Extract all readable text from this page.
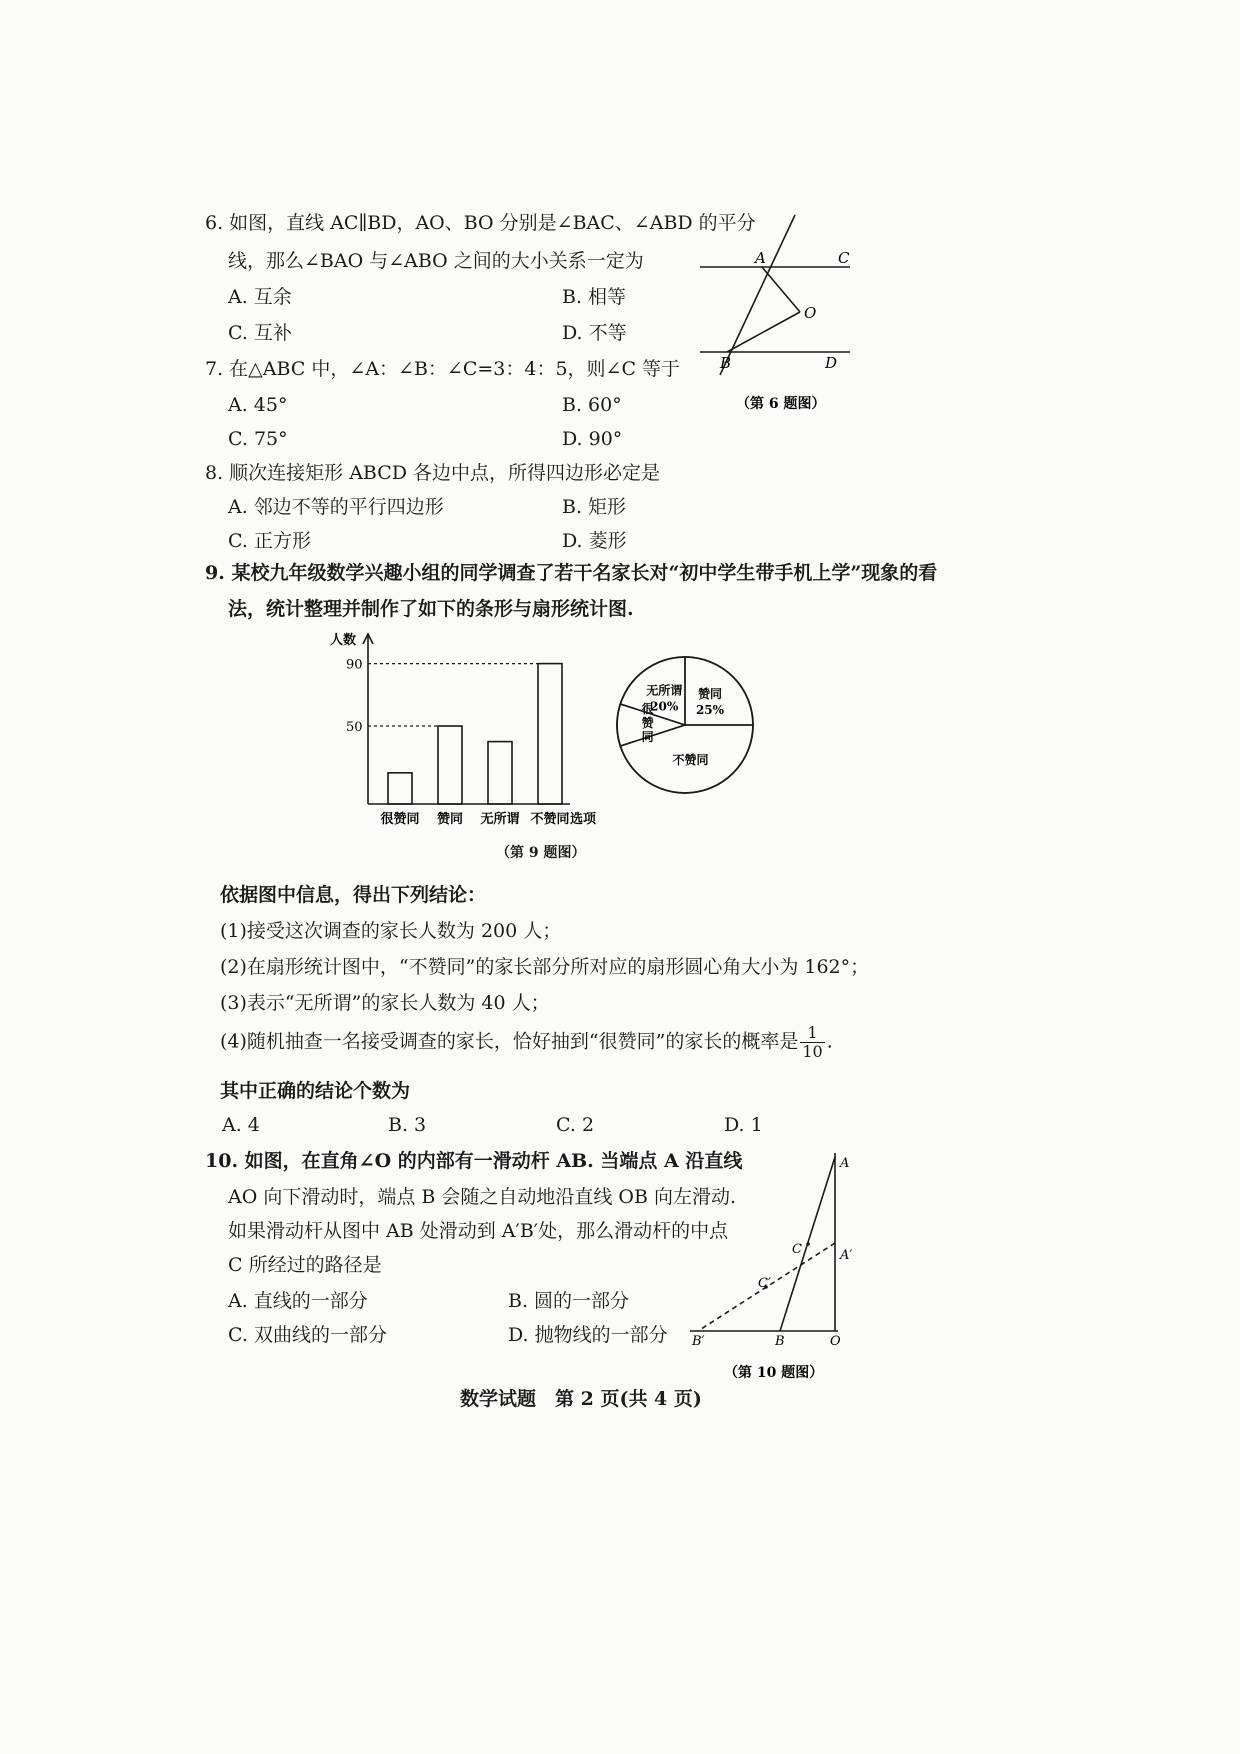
6. 如图，直线 AC∥BD，AO、BO 分别是∠BAC、∠ABD 的平分
线，那么∠BAO 与∠ABO 之间的大小关系一定为
A. 互余	B. 相等
C. 互补	D. 不等
A	C
O
B	D
（第 6 题图）
7. 在△ABC 中，∠A：∠B：∠C=3：4：5，则∠C 等于
A. 45°	B. 60°
C. 75°	D. 90°
8. 顺次连接矩形 ABCD 各边中点，所得四边形必定是
A. 邻边不等的平行四边形	B. 矩形
C. 正方形	D. 菱形
9. 某校九年级数学兴趣小组的同学调查了若干名家长对“初中学生带手机上学”现象的看
法，统计整理并制作了如下的条形与扇形统计图.
人数
选项
50
90
很赞同 赞同 无所谓 不赞同
赞同
25%
不赞同
很
赞
同
无所谓
20%
（第 9 题图）
依据图中信息，得出下列结论：
(1)接受这次调查的家长人数为 200 人；
(2)在扇形统计图中，“不赞同”的家长部分所对应的扇形圆心角大小为 162°；
(3)表示“无所谓”的家长人数为 40 人；
(4)随机抽查一名接受调查的家长，恰好抽到“很赞同”的家长的概率是 $\frac{1}{10}$ .
其中正确的结论个数为
A. 4	B. 3	C. 2	D. 1
10. 如图，在直角∠O 的内部有一滑动杆 AB. 当端点 A 沿直线
AO 向下滑动时，端点 B 会随之自动地沿直线 OB 向左滑动.
如果滑动杆从图中 AB 处滑动到 A′B′处，那么滑动杆的中点
C 所经过的路径是
A. 直线的一部分	B. 圆的一部分
C. 双曲线的一部分	D. 抛物线的一部分
A
C	A′
C′
B′	B	O
（第 10 题图）
数学试题　第 2 页(共 4 页)
